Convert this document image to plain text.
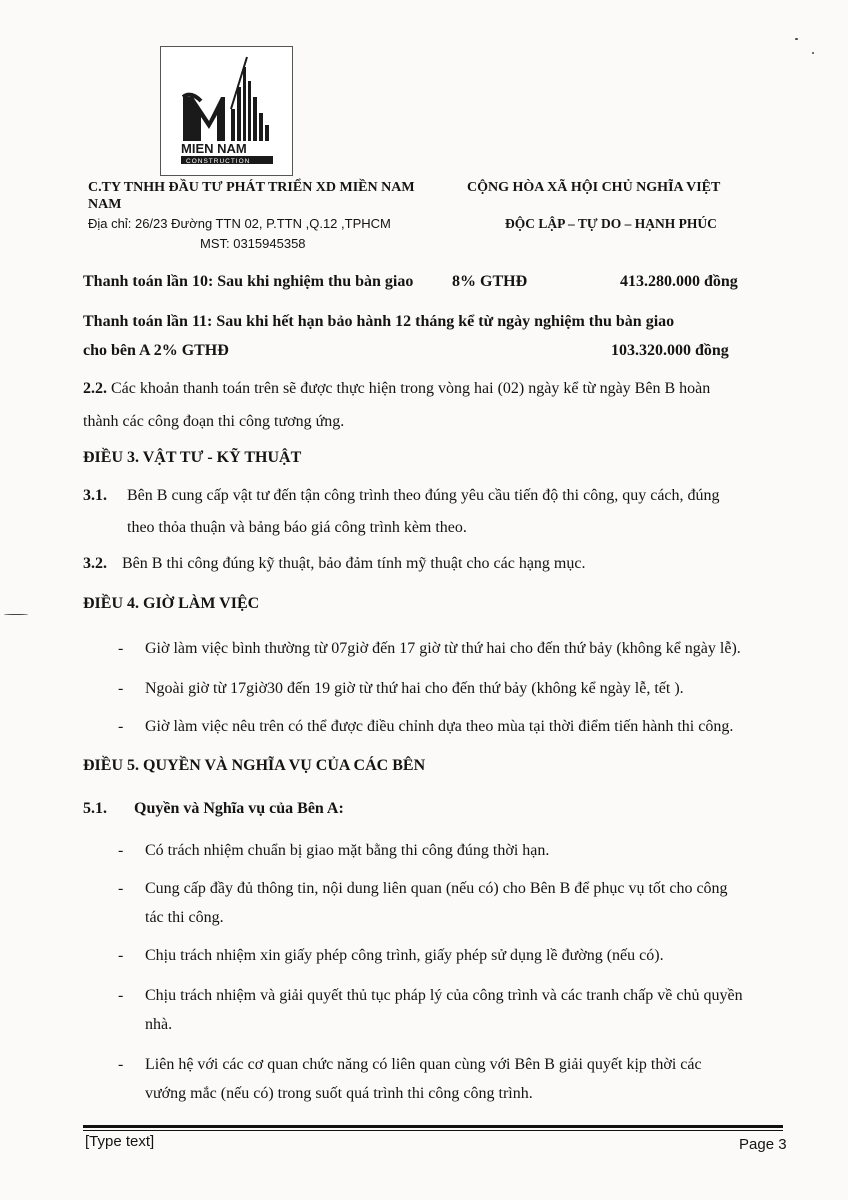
MIEN NAM
CONSTRUCTION
C.TY TNHH ĐẦU TƯ PHÁT TRIỂN XD MIỀN NAM
NAM
Địa chỉ: 26/23 Đường TTN 02, P.TTN ,Q.12 ,TPHCM
MST: 0315945358
CỘNG HÒA XÃ HỘI CHỦ NGHĨA VIỆT
ĐỘC LẬP – TỰ DO – HẠNH PHÚC
Thanh toán lần 10: Sau khi nghiệm thu bàn giao 8% GTHĐ	413.280.000 đồng
Thanh toán lần 11: Sau khi hết hạn bảo hành 12 tháng kể từ ngày nghiệm thu bàn giao
cho bên A 2% GTHĐ	103.320.000 đồng
2.2. Các khoản thanh toán trên sẽ được thực hiện trong vòng hai (02) ngày kể từ ngày Bên B hoàn
thành các công đoạn thi công tương ứng.
ĐIỀU 3. VẬT TƯ - KỸ THUẬT
3.1. Bên B cung cấp vật tư đến tận công trình theo đúng yêu cầu tiến độ thi công, quy cách, đúng
theo thỏa thuận và bảng báo giá công trình kèm theo.
3.2. Bên B thi công đúng kỹ thuật, bảo đảm tính mỹ thuật cho các hạng mục.
ĐIỀU 4. GIỜ LÀM VIỆC
- Giờ làm việc bình thường từ 07giờ đến 17 giờ từ thứ hai cho đến thứ bảy (không kể ngày lễ).
- Ngoài giờ từ 17giờ30 đến 19 giờ từ thứ hai cho đến thứ bảy (không kể ngày lễ, tết ).
- Giờ làm việc nêu trên có thể được điều chỉnh dựa theo mùa tại thời điểm tiến hành thi công.
ĐIỀU 5. QUYỀN VÀ NGHĨA VỤ CỦA CÁC BÊN
5.1. Quyền và Nghĩa vụ của Bên A:
- Có trách nhiệm chuẩn bị giao mặt bằng thi công đúng thời hạn.
- Cung cấp đầy đủ thông tin, nội dung liên quan (nếu có) cho Bên B để phục vụ tốt cho công
tác thi công.
- Chịu trách nhiệm xin giấy phép công trình, giấy phép sử dụng lề đường (nếu có).
- Chịu trách nhiệm và giải quyết thủ tục pháp lý của công trình và các tranh chấp về chủ quyền
nhà.
- Liên hệ với các cơ quan chức năng có liên quan cùng với Bên B giải quyết kịp thời các
vướng mắc (nếu có) trong suốt quá trình thi công công trình.
[Type text]	Page 3
